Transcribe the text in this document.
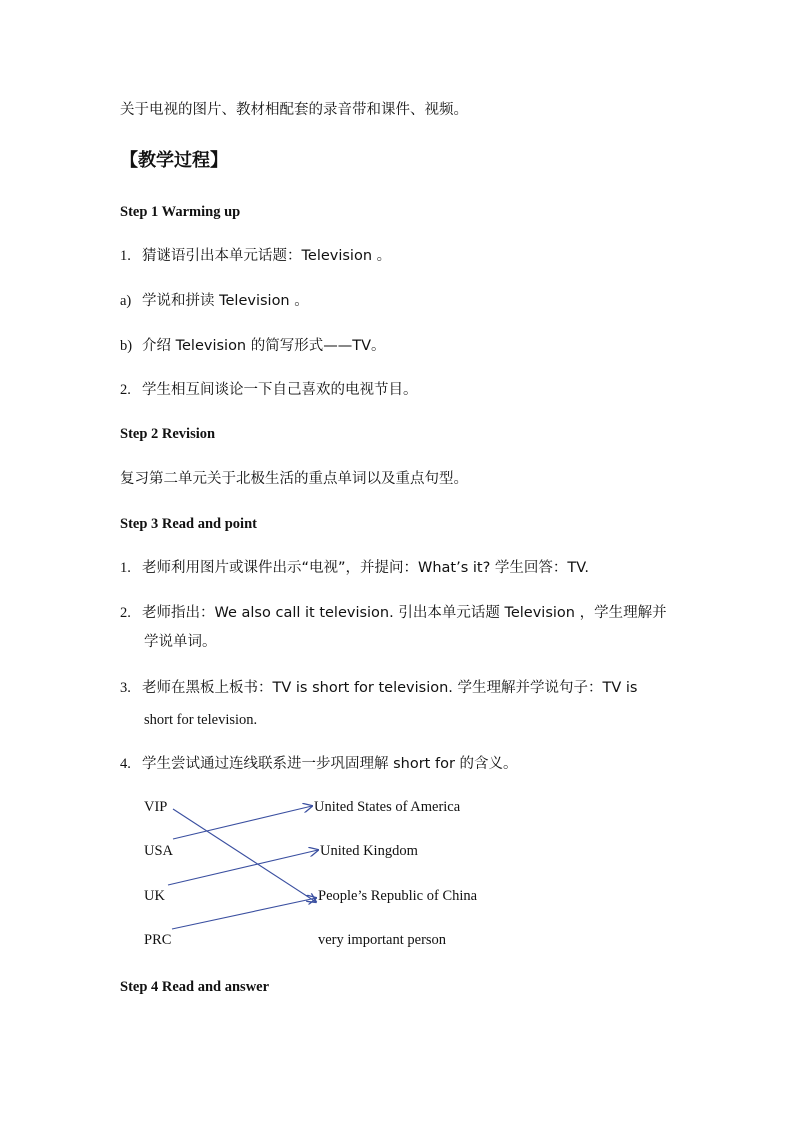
关于电视的图片、教材相配套的录音带和课件、视频。
【教学过程】
Step 1 Warming up
1. 猜谜语引出本单元话题：Television 。
a) 学说和拼读 Television 。
b) 介绍 Television 的简写形式——TV。
2. 学生相互间谈论一下自己喜欢的电视节目。
Step 2 Revision
复习第二单元关于北极生活的重点单词以及重点句型。
Step 3 Read and point
1. 老师利用图片或课件出示“电视”，并提问：What’s it? 学生回答：TV.
2. 老师指出：We also call it television. 引出本单元话题 Television ，学生理解并
学说单词。
3. 老师在黑板上板书：TV is short for television. 学生理解并学说句子：TV is
short for television.
4. 学生尝试通过连线联系进一步巩固理解 short for 的含义。
VIP
USA
UK
PRC
United States of America
United Kingdom
People’s Republic of China
very important person
Step 4 Read and answer
